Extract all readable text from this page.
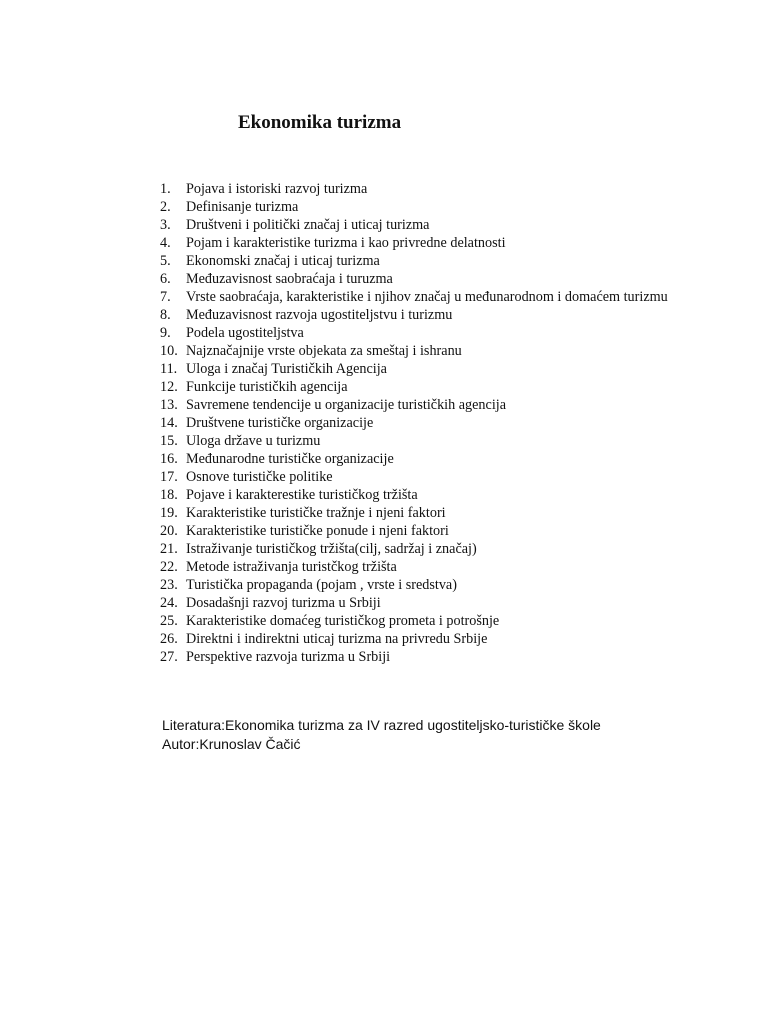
Ekonomika turizma
1. Pojava i istoriski razvoj turizma
2. Definisanje turizma
3. Društveni i politički značaj i uticaj turizma
4. Pojam i karakteristike turizma i kao privredne delatnosti
5. Ekonomski značaj i uticaj turizma
6. Međuzavisnost saobraćaja i turuzma
7. Vrste saobraćaja, karakteristike i njihov značaj u međunarodnom i domaćem turizmu
8. Međuzavisnost razvoja ugostiteljstvu i turizmu
9. Podela ugostiteljstva
10. Najznačajnije vrste objekata za smeštaj i ishranu
11. Uloga i značaj Turističkih Agencija
12. Funkcije turističkih agencija
13. Savremene tendencije u organizacije turističkih agencija
14. Društvene turističke organizacije
15. Uloga države u turizmu
16. Međunarodne turističke organizacije
17. Osnove turističke politike
18. Pojave i karakterestike turističkog tržišta
19. Karakteristike turističke tražnje i njeni faktori
20. Karakteristike turističke ponude i njeni faktori
21. Istraživanje turističkog tržišta(cilj, sadržaj i značaj)
22. Metode istraživanja turistčkog tržišta
23. Turistička propaganda (pojam , vrste i sredstva)
24. Dosadašnji razvoj turizma u Srbiji
25. Karakteristike domaćeg turističkog prometa i potrošnje
26. Direktni i indirektni uticaj turizma na privredu Srbije
27. Perspektive razvoja turizma u Srbiji
Literatura:Ekonomika turizma za IV razred ugostiteljsko-turističke škole
Autor:Krunoslav Čačić
